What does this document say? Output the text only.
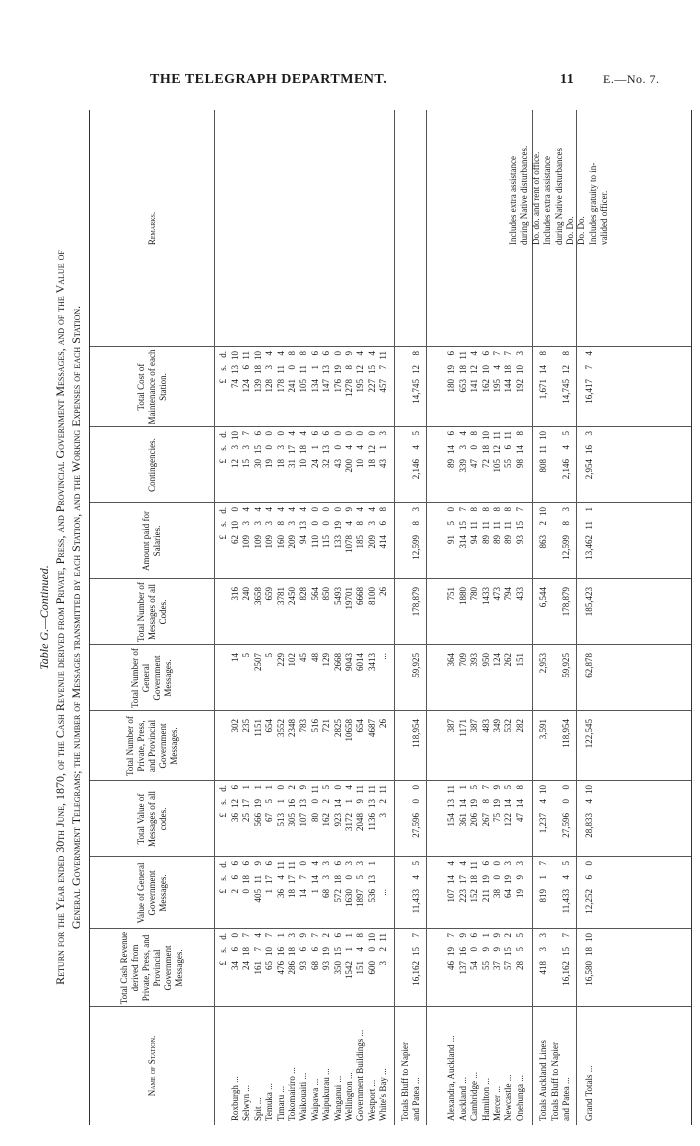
THE TELEGRAPH DEPARTMENT.	11 E.—No. 7.
Table G.—Continued. Return for the Year ended 30th June, 1870, of the Cash Revenue derived from Private, Press, and Provincial Government Messages, and of the Value of General Government Telegrams; the number of Messages transmitted by each Station, and the Working Expenses of each Station.
£s.d.
£s.d.
£s.d.
£s.d.
£s.d.
£s.d.
Roxburgh ...
3460
266
36126
302
14
316
62100
12310
741310
Selwyn ...
24187
0186
25171
235
5
240
10934
1537
124611
Spit ...
16174
405119
566191
1151
2507
3658
10934
30156
1391810
Temuka ...
65107
1176
6751
654
5
659
10934
1900
12834
Timaru ...
476161
36411
51310
3552
229
3781
16084
1830
178114
Tokomairiro ...
286183
181711
305162
2348
102
2450
20934
31174
24108
Waikouaiti ...
9369
1470
107139
783
45
828
94134
10184
105118
Waipawa ...
6867
1144
80011
516
48
564
11000
2416
13416
Waipukurau ...
93192
6833
16225
721
129
850
11500
32136
147136
Wanganui ...
350156
572186
923140
2825
2668
5493
133190
4300
176190
Wellington ...
154211
163003
317214
10658
9043
19701
107849
20040
127889
Government Buildings ...
15148
189753
2048911
654
6014
6668
18584
1040
195124
Westport ...
600010
536131
11361311
4687
3413
8100
20934
18120
227154
White's Bay ...
3211
...
3211
26
...
26
41468
4313
457711
Totals Bluff to Napier and Patea ...
16,162157
11,43345
27,59600
118,954
59,925
178,879
12,59983
2,14645
14,745128
Alexandra, Auckland ...
46197
107144
1541311
387
364
751
9150
89146
180196
Auckland ...
137169
223174
361141
1171
709
1880
314157
33934
6531811
Cambridge ...
5406
1521811
206195
387
393
780
94118
4708
141124
Hamilton ...
5591
211196
26787
483
950
1433
89118
721810
162106
Mercer ...
3799
3800
75199
349
124
473
89118
1051211
19547
Newcastle ...
57152
64193
122145
532
262
794
89118
55611
144187
Onehunga ...
2855
1993
47148
282
151
433
93157
98148
192103
Totals Auckland Lines
41833
81917
1,237410
3,591
2,953
6,544
863210
8081110
1,671148
Totals Bluff to Napier and Patea ...
16,162157
11,43345
27,59600
118,954
59,925
178,879
12,59983
2,14645
14,745128
Grand Totals ...
16,5801810
12,25260
28,833410
122,545
62,878
185,423
13,462111
2,954163
16,41774
Includes extra assistance during Native disturbances. Do. do. and rent of office. Includes extra assistance during Native disturbances Do. Do. Do. Do. Includes gratuity to in- valided officer.
Name of Station.
Total Cash Revenue derived from Private, Press, and Provincial Government Messages.
Value of General Government Messages.
Total Value of Messages of all codes.
Total Number of Private, Press, and Provincial Government Messages.
Total Number of General Government Messages.
Total Number of Messages of all Codes.
Amount paid for Salaries.
Contingencies.
Total Cost of Maintenance of each Station.
Remarks.
